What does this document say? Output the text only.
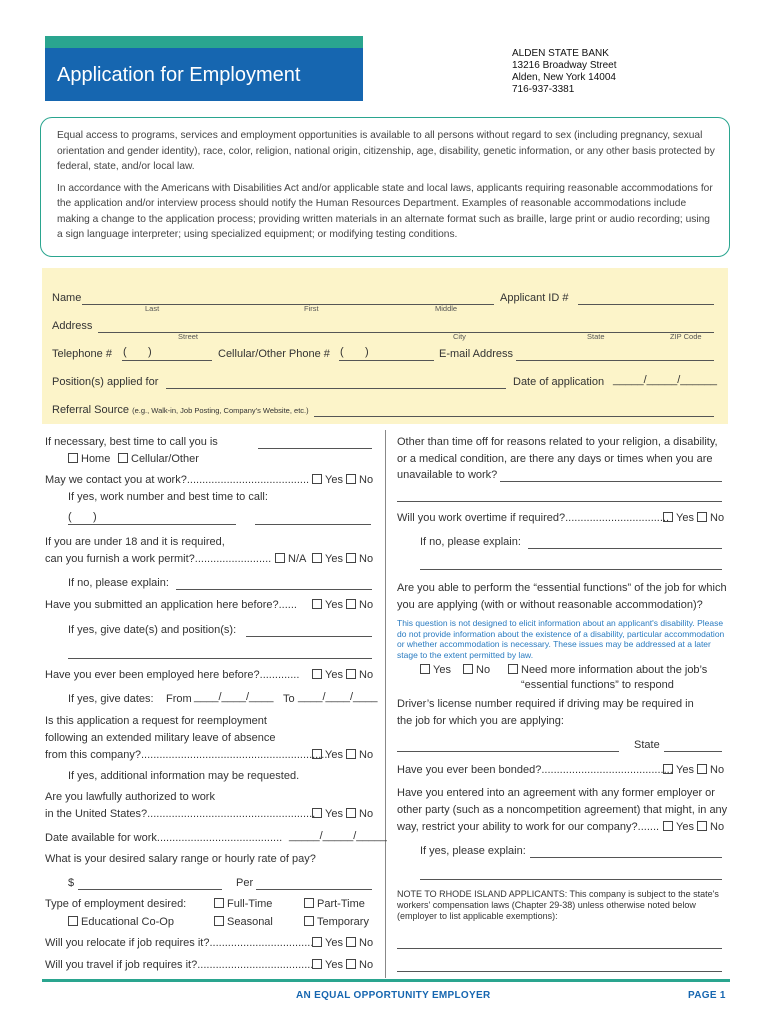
Application for Employment
ALDEN STATE BANK
13216 Broadway Street
Alden, New York 14004
716-937-3381

Equal access to programs, services and employment opportunities is available to all persons without regard to sex (including pregnancy, sexual orientation and gender identity), race, color, religion, national origin, citizenship, age, disability, genetic information, or any other basis protected by federal, state, and/or local law.

In accordance with the Americans with Disabilities Act and/or applicable state and local laws, applicants requiring reasonable accommodations for the application and/or interview process should notify the Human Resources Department. Examples of reasonable accommodations include making a change to the application process; providing written materials in an alternate format such as braille, large print or audio recording; using a sign language interpreter; using specialized equipment; or modifying testing conditions.

Name
Last	First	Middle
Applicant ID #
Address
Street	City	State	ZIP Code
Telephone # (       )	Cellular/Other Phone # (       )	E-mail Address
Position(s) applied for	Date of application _____/_____/______
Referral Source (e.g., Walk-in, Job Posting, Company's Website, etc.)
If necessary, best time to call you is
Home	Cellular/Other
May we contact you at work?........................................	Yes	No
If yes, work number and best time to call:
(       )
If you are under 18 and it is required,
can you furnish a work permit?.........................	N/A	Yes	No
If no, please explain:
Have you submitted an application here before?......	Yes	No
If yes, give date(s) and position(s):
Have you ever been employed here before?.............	Yes	No
If yes, give dates: From ____/____/____ To ____/____/____
Is this application a request for reemployment
following an extended military leave of absence
from this company?.............................................................
Yes	No
If yes, additional information may be requested.
Are you lawfully authorized to work
in the United States?....................................................... Yes	No
Date available for work......................................... _____/_____/_____
What is your desired salary range or hourly rate of pay?
$	Per
Type of employment desired:	Full-Time	Part-Time
Educational Co-Op	Seasonal	Temporary
Will you relocate if job requires it?..................................	Yes	No
Will you travel if job requires it?......................................	Yes	No
Other than time off for reasons related to your religion, a disability,
or a medical condition, are there any days or times when you are
unavailable to work?
Will you work overtime if required?.................................. Yes	No
If no, please explain:
Are you able to perform the “essential functions” of the job for which
you are applying (with or without reasonable accommodation)?
This question is not designed to elicit information about an applicant's disability. Please do not provide information about the existence of a disability, particular accommodation or whether accommodation is necessary. These issues may be addressed at a later stage to the extent permitted by law.
Yes	No	Need more information about the job’s
“essential functions” to respond
Driver’s license number required if driving may be required in
the job for which you are applying:
State
Have you ever been bonded?........................................... Yes	No
Have you entered into an agreement with any former employer or
other party (such as a noncompetition agreement) that might, in any
way, restrict your ability to work for our company?.......	Yes	No
If yes, please explain:
NOTE TO RHODE ISLAND APPLICANTS: This company is subject to the state's workers' compensation laws (Chapter 29-38) unless otherwise noted below (employer to list applicable exemptions):
AN EQUAL OPPORTUNITY EMPLOYER	PAGE 1
